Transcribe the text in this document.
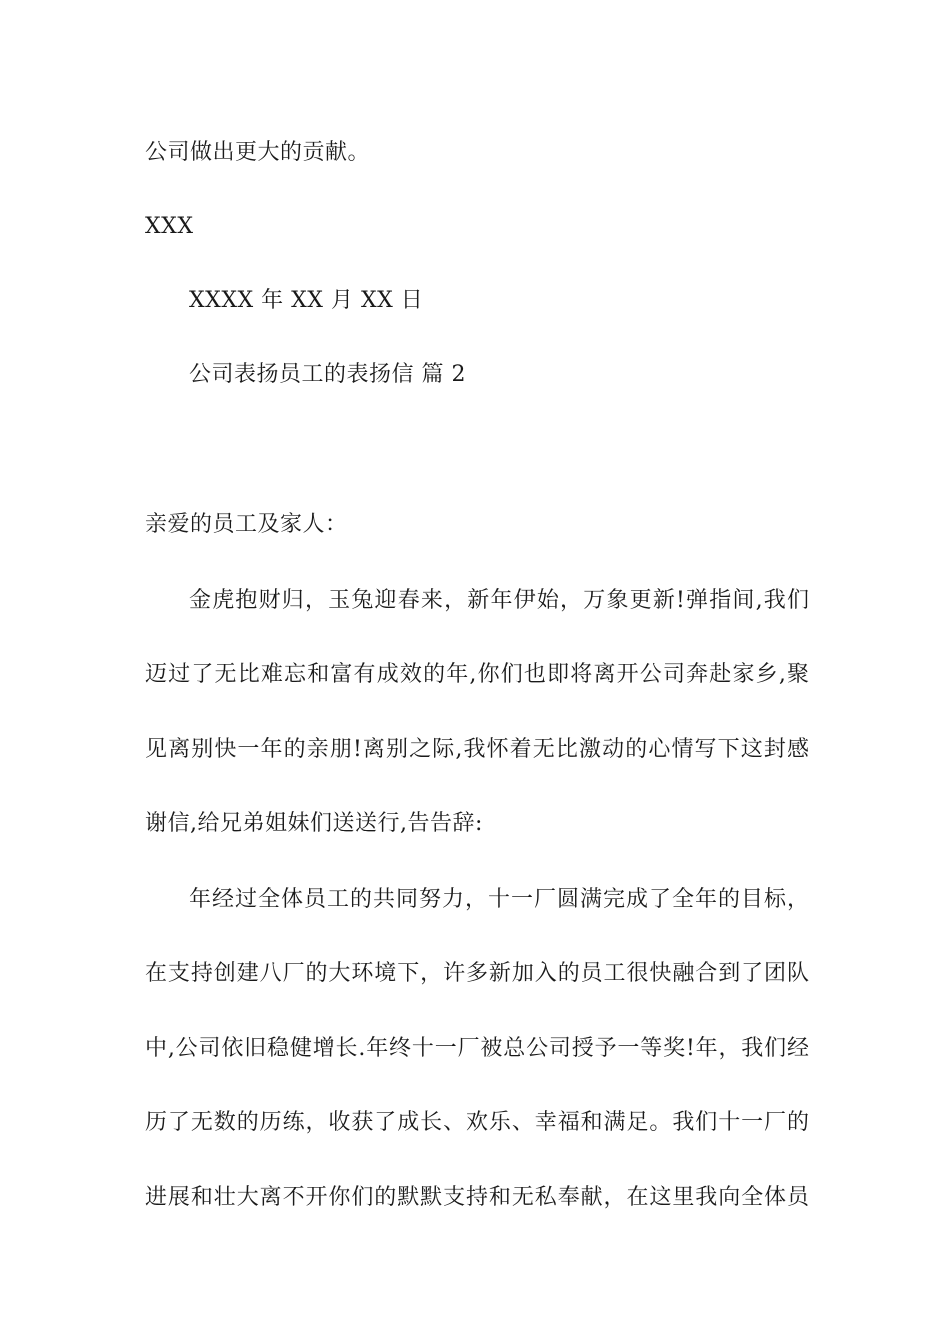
公司做出更大的贡献。
XXX
XXXX 年 XX 月 XX 日
公司表扬员工的表扬信 篇 2
亲爱的员工及家人：
金虎抱财归，玉兔迎春来，新年伊始，万象更新!弹指间,我们
迈过了无比难忘和富有成效的年,你们也即将离开公司奔赴家乡,聚
见离别快一年的亲朋!离别之际,我怀着无比激动的心情写下这封感
谢信,给兄弟姐妹们送送行,告告辞:
年经过全体员工的共同努力，十一厂圆满完成了全年的目标，
在支持创建八厂的大环境下，许多新加入的员工很快融合到了团队
中,公司依旧稳健增长.年终十一厂被总公司授予一等奖!年，我们经
历了无数的历练，收获了成长、欢乐、幸福和满足。我们十一厂的
进展和壮大离不开你们的默默支持和无私奉献，在这里我向全体员
